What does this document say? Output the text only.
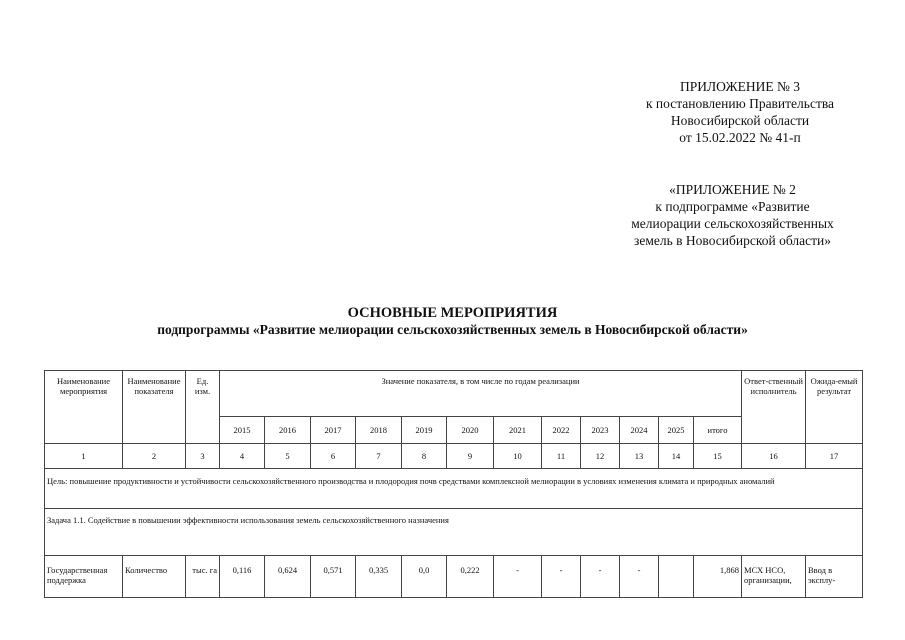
ПРИЛОЖЕНИЕ № 3
к постановлению Правительства
Новосибирской области
от 15.02.2022 № 41-п
«ПРИЛОЖЕНИЕ № 2
к подпрограмме «Развитие
мелиорации сельскохозяйственных
земель в Новосибирской области»
ОСНОВНЫЕ МЕРОПРИЯТИЯ
подпрограммы «Развитие мелиорации сельскохозяйственных земель в Новосибирской области»
Наименование мероприятия	Наименование показателя	Ед. изм.	Значение показателя, в том числе по годам реализации												Ответ-ственный исполнитель	Ожида-емый результат
			2015	2016	2017	2018	2019	2020	2021	2022	2023	2024	2025	итого		
1	2	3	4	5	6	7	8	9	10	11	12	13	14	15	16	17
Цель: повышение продуктивности и устойчивости сельскохозяйственного производства и плодородия почв средствами комплексной мелиорации в условиях изменения климата и природных аномалий																
Задача 1.1. Содействие в повышении эффективности использования земель сельскохозяйственного назначения																
Государственная поддержка	Количество	тыс. га	0,116	0,624	0,571	0,335	0,0	0,222	-	-	-	-		1,868	МСХ НСО, организации,	Ввод в эксплу-
